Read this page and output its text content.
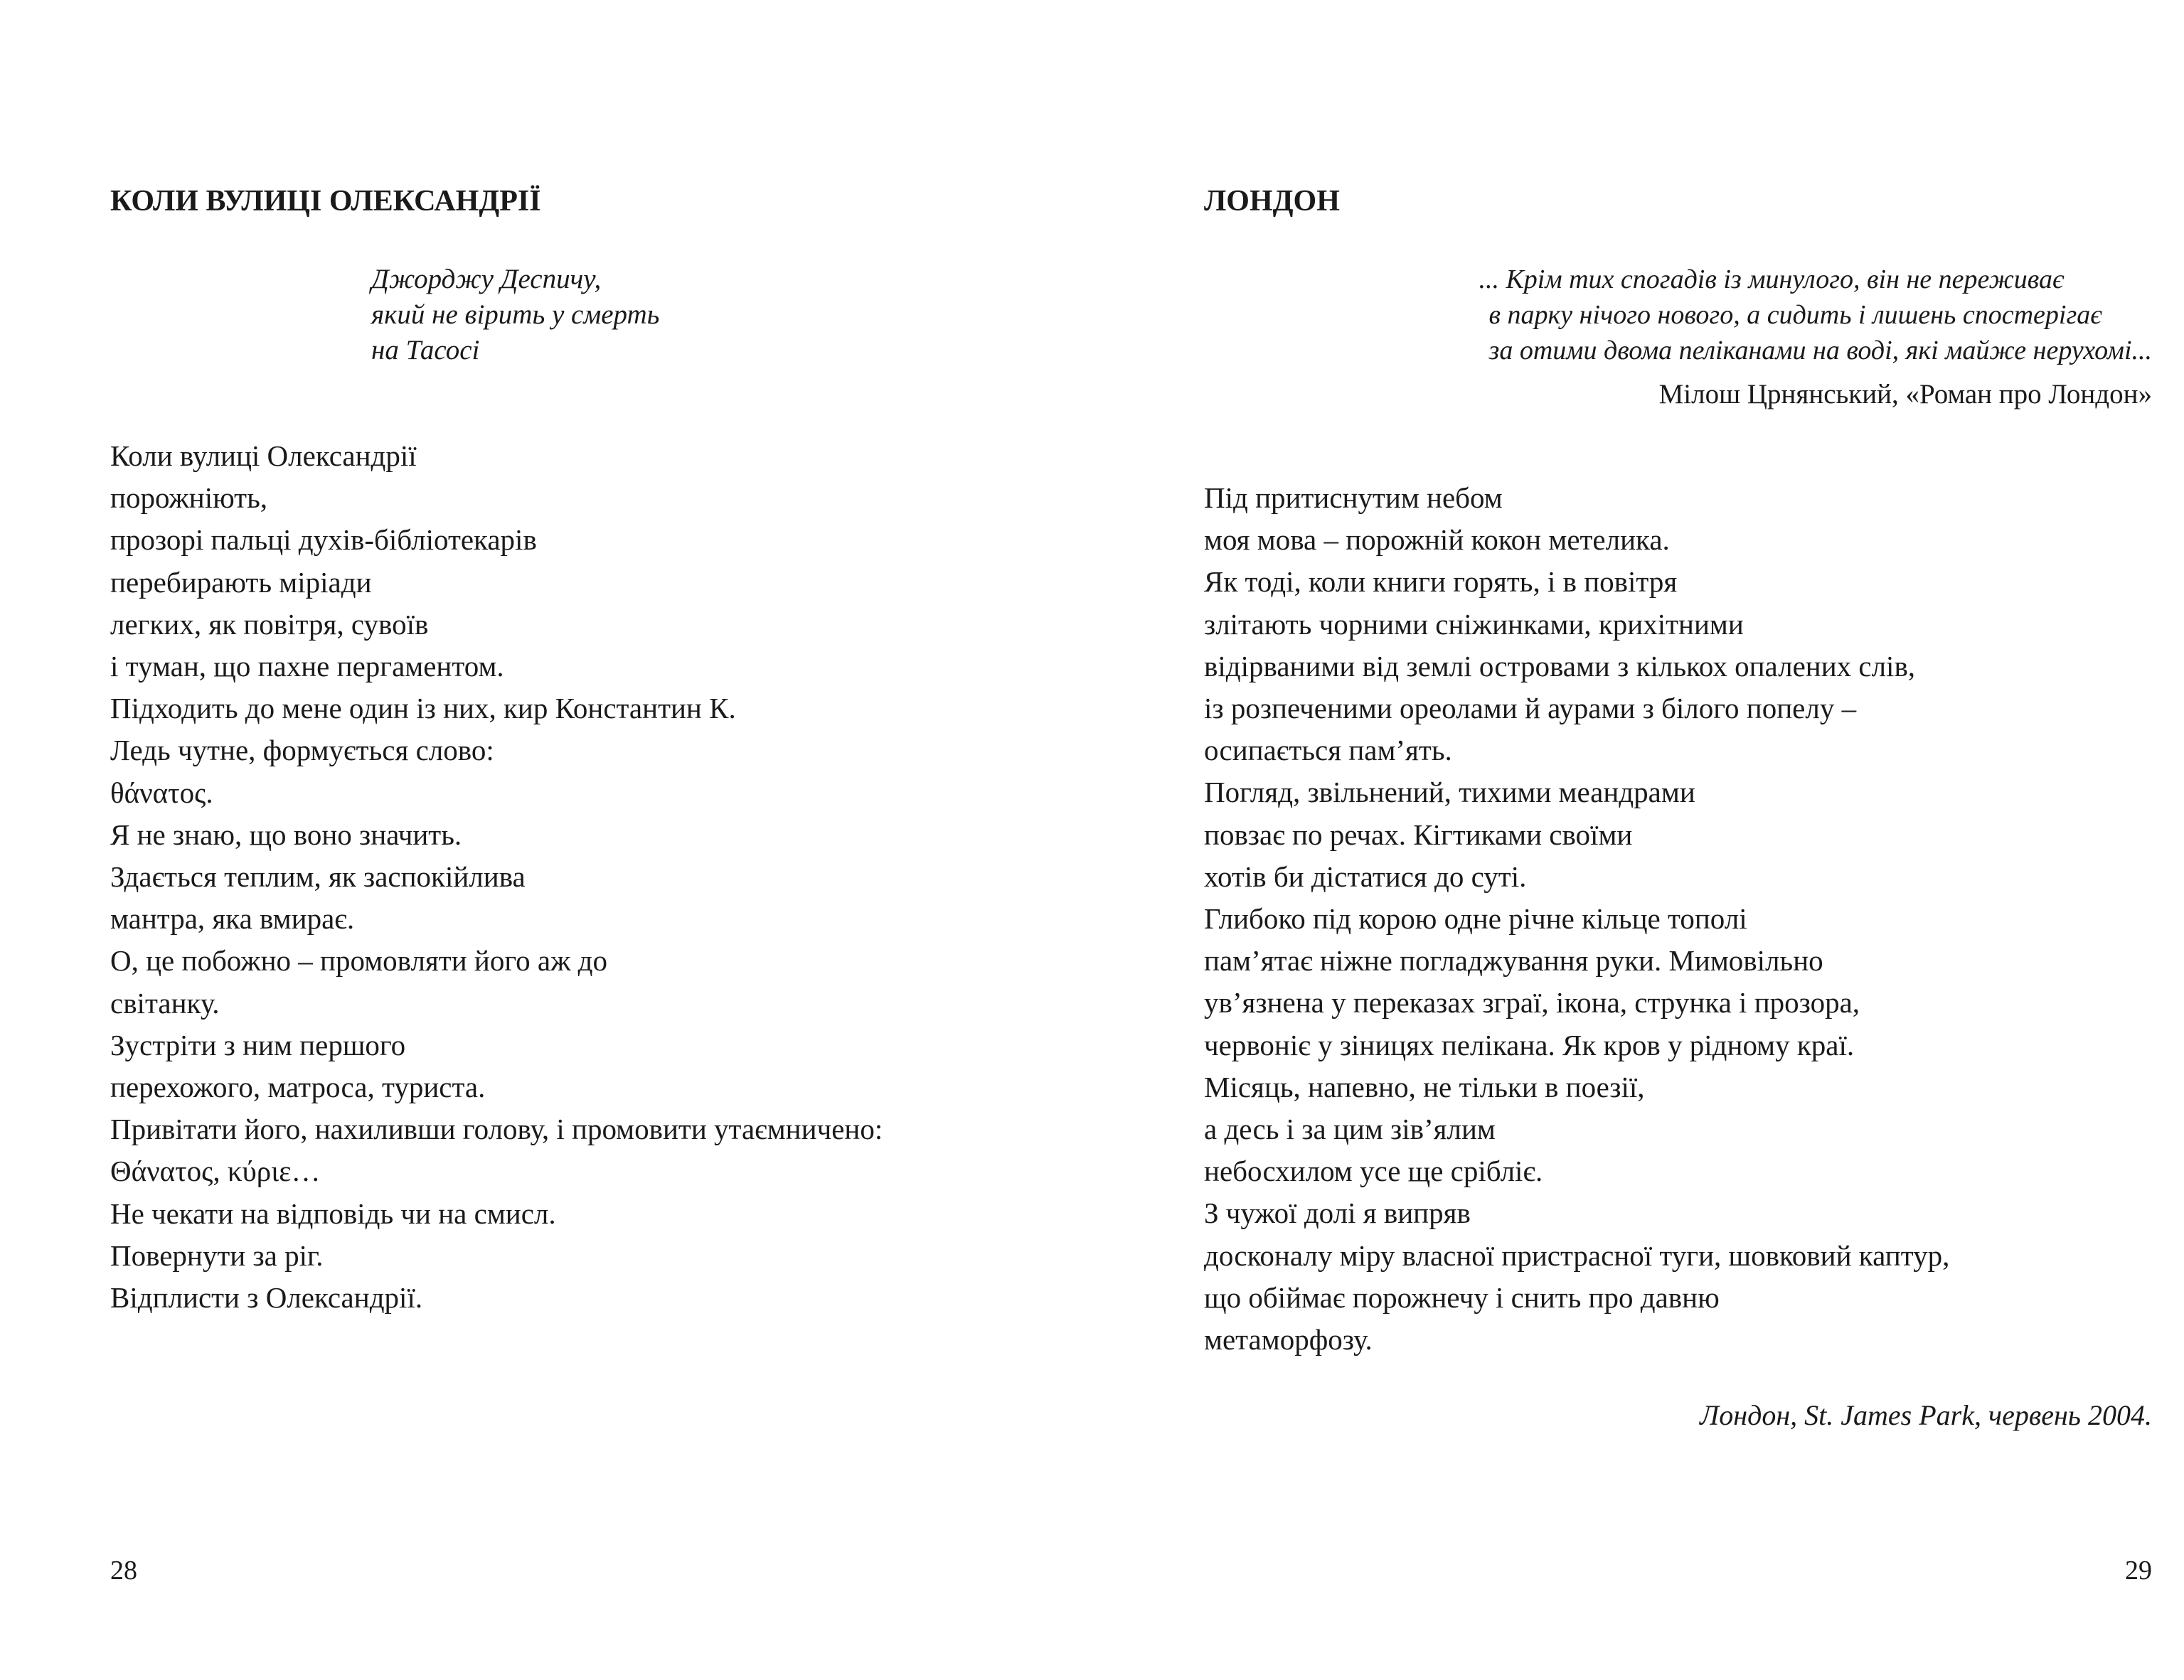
КОЛИ ВУЛИЦІ ОЛЕКСАНДРІЇ
Джорджу Деспичу,
який не вірить у смерть
на Тасосі
Коли вулиці Олександрії
порожніють,
прозорі пальці духів-бібліотекарів
перебирають міріади
легких, як повітря, сувоїв
і туман, що пахне пергаментом.
Підходить до мене один із них, кир Константин К.
Ледь чутне, формується слово:
θάνατος.
Я не знаю, що воно значить.
Здається теплим, як заспокійлива
мантра, яка вмирає.
О, це побожно – промовляти його аж до
світанку.
Зустріти з ним першого
перехожого, матроса, туриста.
Привітати його, нахиливши голову, і промовити утаємничено:
Θάνατος, κύριε…
Не чекати на відповідь чи на смисл.
Повернути за ріг.
Відплисти з Олександрії.
28
ЛОНДОН
... Крім тих спогадів із минулого, він не переживає
в парку нічого нового, а сидить і лишень спостерігає
за отими двома пеліканами на воді, які майже нерухомі...
Мілош Црнянський, «Роман про Лондон»
Під притиснутим небом
моя мова – порожній кокон метелика.
Як тоді, коли книги горять, і в повітря
злітають чорними сніжинками, крихітними
відірваними від землі островами з кількох опалених слів,
із розпеченими ореолами й аурами з білого попелу –
осипається пам’ять.
Погляд, звільнений, тихими меандрами
повзає по речах. Кігтиками своїми
хотів би дістатися до суті.
Глибоко під корою одне річне кільце тополі
пам’ятає ніжне погладжування руки. Мимовільно
ув’язнена у переказах зграї, ікона, струнка і прозора,
червоніє у зіницях пелікана. Як кров у рідному краї.
Місяць, напевно, не тільки в поезії,
а десь і за цим зів’ялим
небосхилом усе ще срібліє.
З чужої долі я випряв
досконалу міру власної пристрасної туги, шовковий каптур,
що обіймає порожнечу і снить про давню
метаморфозу.
Лондон, St. James Park, червень 2004.
29
